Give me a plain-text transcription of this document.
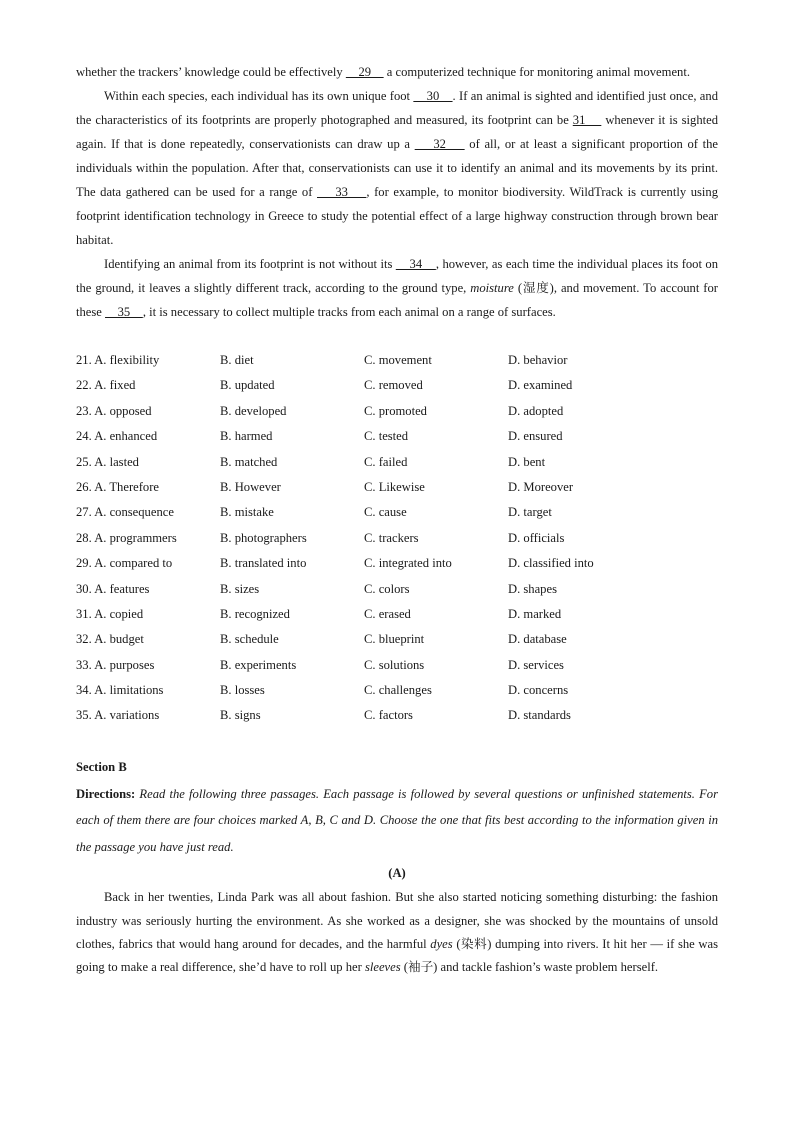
whether the trackers’ knowledge could be effectively     29     a computerized technique for monitoring animal movement.

Within each species, each individual has its own unique foot     30    . If an animal is sighted and identified just once, and the characteristics of its footprints are properly photographed and measured, its footprint can be 31     whenever it is sighted again. If that is done repeatedly, conservationists can draw up a     32     of all, or at least a significant proportion of the individuals within the population. After that, conservationists can use it to identify an animal and its movements by its print. The data gathered can be used for a range of     33    , for example, to monitor biodiversity. WildTrack is currently using footprint identification technology in Greece to study the potential effect of a large highway construction through brown bear habitat.

Identifying an animal from its footprint is not without its     34    , however, as each time the individual places its foot on the ground, it leaves a slightly different track, according to the ground type, moisture (湿度), and movement. To account for these     35    , it is necessary to collect multiple tracks from each animal on a range of surfaces.

21. A. flexibility	B. diet	C. movement	D. behavior
22. A. fixed	B. updated	C. removed	D. examined
23. A. opposed	B. developed	C. promoted	D. adopted
24. A. enhanced	B. harmed	C. tested	D. ensured
25. A. lasted	B. matched	C. failed	D. bent
26. A. Therefore	B. However	C. Likewise	D. Moreover
27. A. consequence	B. mistake	C. cause	D. target
28. A. programmers	B. photographers	C. trackers	D. officials
29. A. compared to	B. translated into	C. integrated into	D. classified into
30. A. features	B. sizes	C. colors	D. shapes
31. A. copied	B. recognized	C. erased	D. marked
32. A. budget	B. schedule	C. blueprint	D. database
33. A. purposes	B. experiments	C. solutions	D. services
34. A. limitations	B. losses	C. challenges	D. concerns
35. A. variations	B. signs	C. factors	D. standards
Section B

Directions: Read the following three passages. Each passage is followed by several questions or unfinished statements. For each of them there are four choices marked A, B, C and D. Choose the one that fits best according to the information given in the passage you have just read.

(A)

Back in her twenties, Linda Park was all about fashion. But she also started noticing something disturbing: the fashion industry was seriously hurting the environment. As she worked as a designer, she was shocked by the mountains of unsold clothes, fabrics that would hang around for decades, and the harmful dyes (染料) dumping into rivers. It hit her — if she was going to make a real difference, she’d have to roll up her sleeves (袖子) and tackle fashion’s waste problem herself.
